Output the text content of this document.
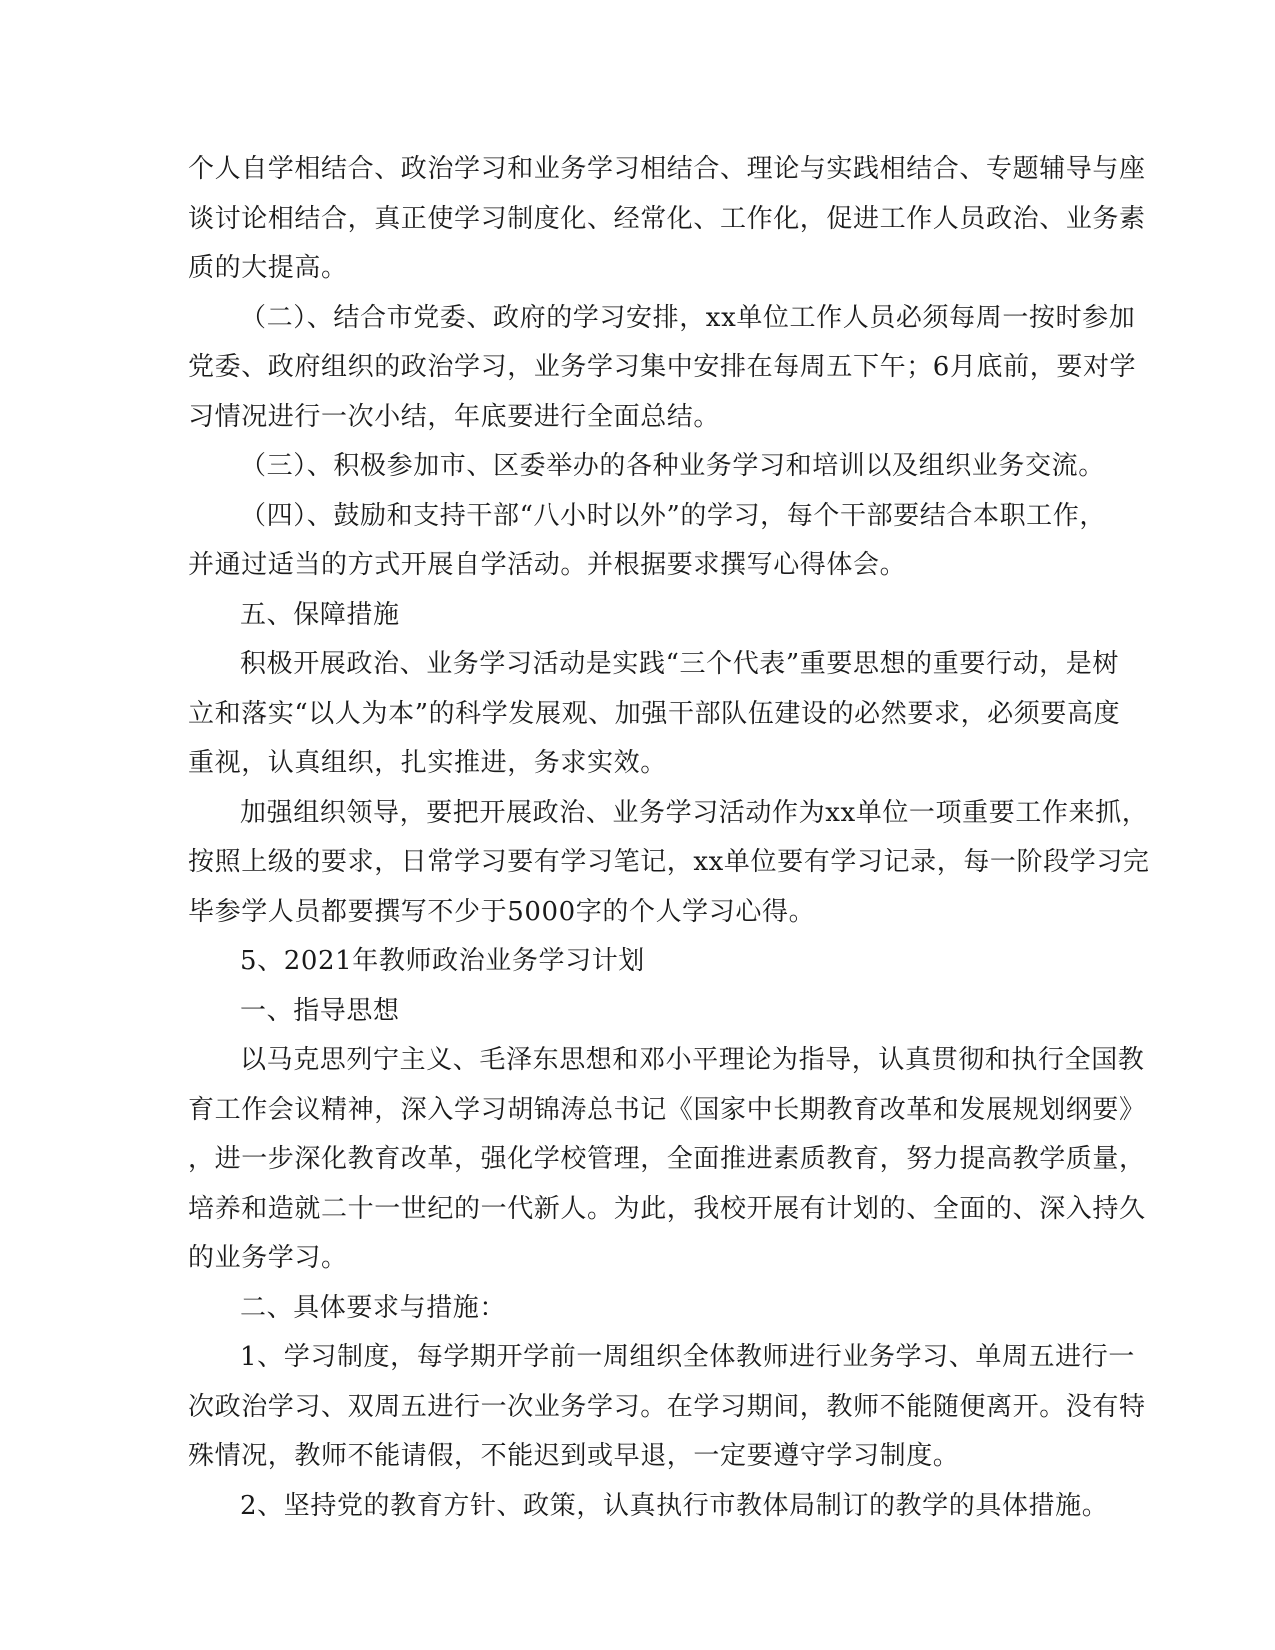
个人自学相结合、政治学习和业务学习相结合、理论与实践相结合、专题辅导与座
谈讨论相结合，真正使学习制度化、经常化、工作化，促进工作人员政治、业务素
质的大提高。
（二）、结合市党委、政府的学习安排，xx单位工作人员必须每周一按时参加
党委、政府组织的政治学习，业务学习集中安排在每周五下午；6月底前，要对学
习情况进行一次小结，年底要进行全面总结。
（三）、积极参加市、区委举办的各种业务学习和培训以及组织业务交流。
（四）、鼓励和支持干部“八小时以外”的学习，每个干部要结合本职工作，
并通过适当的方式开展自学活动。并根据要求撰写心得体会。
五、保障措施
积极开展政治、业务学习活动是实践“三个代表”重要思想的重要行动，是树
立和落实“以人为本”的科学发展观、加强干部队伍建设的必然要求，必须要高度
重视，认真组织，扎实推进，务求实效。
加强组织领导，要把开展政治、业务学习活动作为xx单位一项重要工作来抓，
按照上级的要求，日常学习要有学习笔记，xx单位要有学习记录，每一阶段学习完
毕参学人员都要撰写不少于5000字的个人学习心得。
5、2021年教师政治业务学习计划
一、指导思想
以马克思列宁主义、毛泽东思想和邓小平理论为指导，认真贯彻和执行全国教
育工作会议精神，深入学习胡锦涛总书记《国家中长期教育改革和发展规划纲要》
，进一步深化教育改革，强化学校管理，全面推进素质教育，努力提高教学质量，
培养和造就二十一世纪的一代新人。为此，我校开展有计划的、全面的、深入持久
的业务学习。
二、具体要求与措施：
1、学习制度，每学期开学前一周组织全体教师进行业务学习、单周五进行一
次政治学习、双周五进行一次业务学习。在学习期间，教师不能随便离开。没有特
殊情况，教师不能请假，不能迟到或早退，一定要遵守学习制度。
2、坚持党的教育方针、政策，认真执行市教体局制订的教学的具体措施。
